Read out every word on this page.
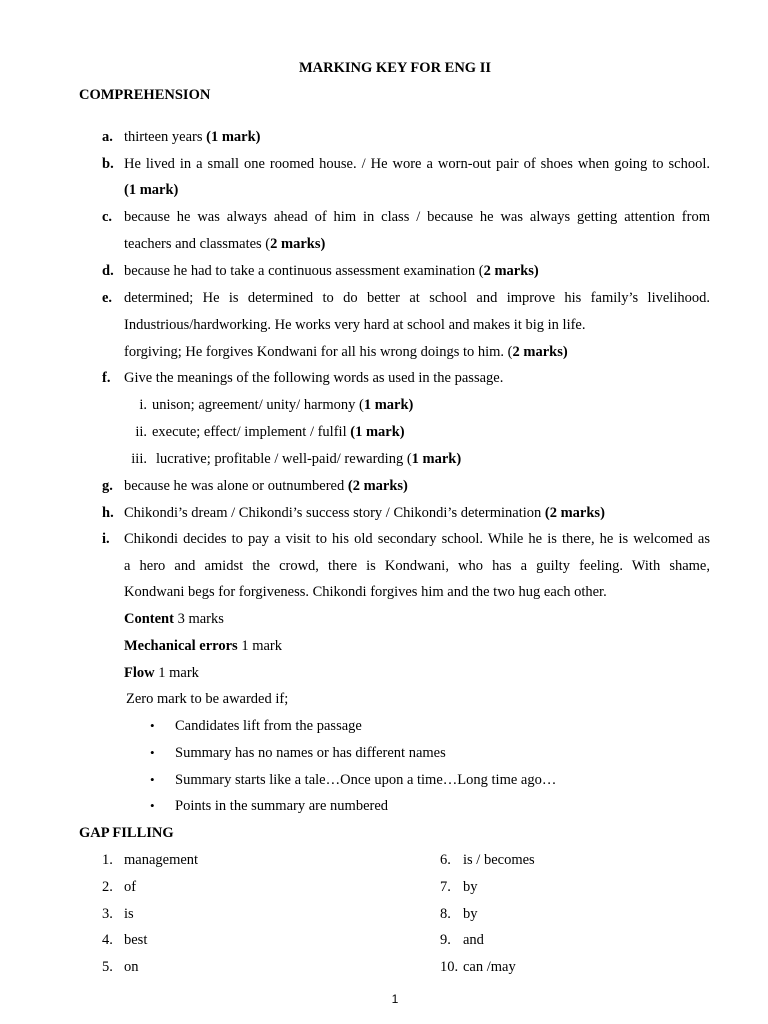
MARKING KEY FOR ENG II
COMPREHENSION
a. thirteen years (1 mark)
b. He lived in a small one roomed house. / He wore a worn-out pair of shoes when going to school.
(1 mark)
c. because he was always ahead of him in class / because he was always getting attention from
teachers and classmates (2 marks)
d. because he had to take a continuous assessment examination (2 marks)
e. determined; He is determined to do better at school and improve his family’s livelihood.
Industrious/hardworking. He works very hard at school and makes it big in life.
forgiving; He forgives Kondwani for all his wrong doings to him. (2 marks)
f. Give the meanings of the following words as used in the passage.
i. unison; agreement/ unity/ harmony (1 mark)
ii. execute; effect/ implement / fulfil (1 mark)
iii. lucrative; profitable / well-paid/ rewarding (1 mark)
g. because he was alone or outnumbered (2 marks)
h. Chikondi’s dream / Chikondi’s success story / Chikondi’s determination (2 marks)
i. Chikondi decides to pay a visit to his old secondary school. While he is there, he is welcomed as
a hero and amidst the crowd, there is Kondwani, who has a guilty feeling. With shame,
Kondwani begs for forgiveness. Chikondi forgives him and the two hug each other.
Content 3 marks
Mechanical errors 1 mark
Flow 1 mark
Zero mark to be awarded if;
• Candidates lift from the passage
• Summary has no names or has different names
• Summary starts like a tale…Once upon a time…Long time ago…
• Points in the summary are numbered
GAP FILLING
1. management
2. of
3. is
4. best
5. on
6. is / becomes
7. by
8. by
9. and
10. can /may
1
